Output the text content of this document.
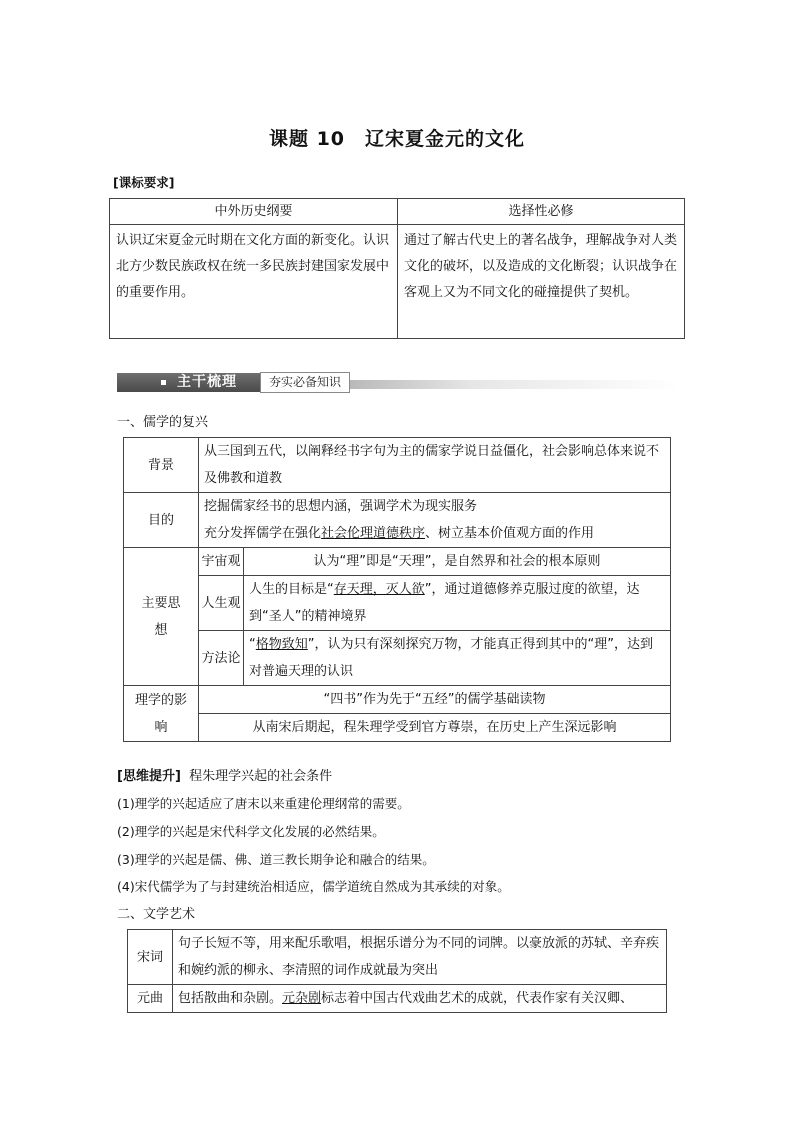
课题 10　辽宋夏金元的文化
[课标要求]
中外历史纲要	选择性必修
认识辽宋夏金元时期在文化方面的新变化。认识北方少数民族政权在统一多民族封建国家发展中的重要作用。	通过了解古代史上的著名战争，理解战争对人类文化的破坏，以及造成的文化断裂；认识战争在客观上又为不同文化的碰撞提供了契机。
主干梳理	夯实必备知识
一、儒学的复兴
背景	从三国到五代，以阐释经书字句为主的儒家学说日益僵化，社会影响总体来说不及佛教和道教	
目的	挖掘儒家经书的思想内涵，强调学术为现实服务
充分发挥儒学在强化社会伦理道德秩序、树立基本价值观方面的作用	

主要思想	宇宙观	认为“理”即是“天理”，是自然界和社会的根本原则
	人生观	人生的目标是“存天理，灭人欲”，通过道德修养克服过度的欲望，达到“圣人”的精神境界
	方法论	“格物致知”，认为只有深刻探究万物，才能真正得到其中的“理”，达到对普遍天理的认识
理学的影响	“四书”作为先于“五经”的儒学基础读物	
	从南宋后期起，程朱理学受到官方尊崇，在历史上产生深远影响	
[思维提升] 程朱理学兴起的社会条件
(1)理学的兴起适应了唐末以来重建伦理纲常的需要。
(2)理学的兴起是宋代科学文化发展的必然结果。
(3)理学的兴起是儒、佛、道三教长期争论和融合的结果。
(4)宋代儒学为了与封建统治相适应，儒学道统自然成为其承续的对象。
二、文学艺术
宋词	句子长短不等，用来配乐歌唱，根据乐谱分为不同的词牌。以豪放派的苏轼、辛弃疾和婉约派的柳永、李清照的词作成就最为突出
元曲	包括散曲和杂剧。元杂剧标志着中国古代戏曲艺术的成就，代表作家有关汉卿、
